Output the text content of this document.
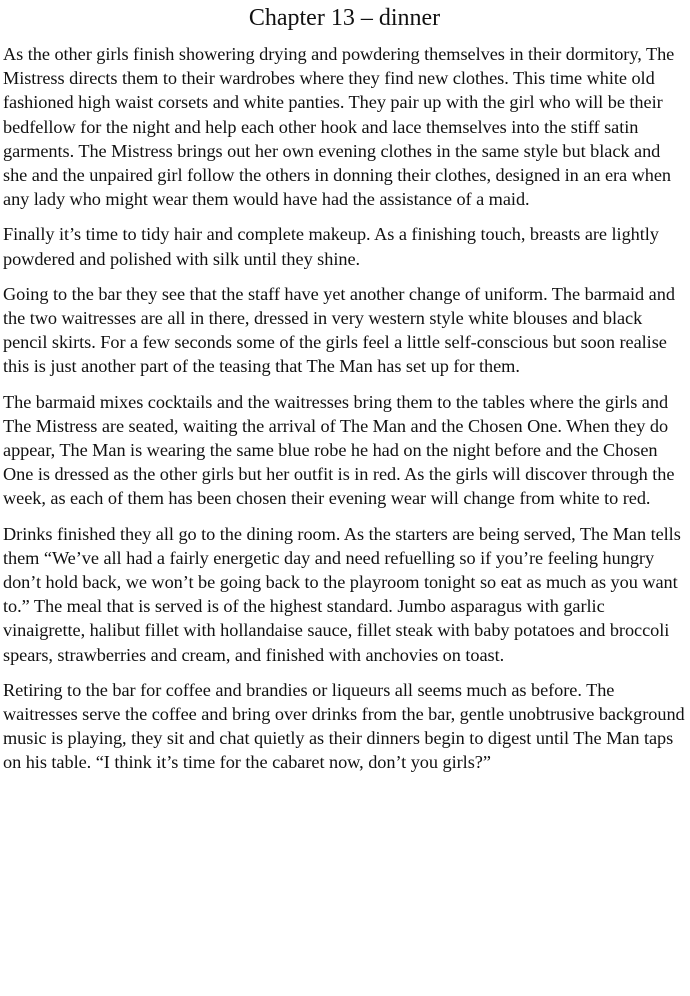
Chapter 13 – dinner

As the other girls finish showering drying and powdering themselves in their dormitory, The Mistress directs them to their wardrobes where they find new clothes. This time white old fashioned high waist corsets and white panties. They pair up with the girl who will be their bedfellow for the night and help each other hook and lace themselves into the stiff satin garments. The Mistress brings out her own evening clothes in the same style but black and she and the unpaired girl follow the others in donning their clothes, designed in an era when any lady who might wear them would have had the assistance of a maid.

Finally it’s time to tidy hair and complete makeup. As a finishing touch, breasts are lightly powdered and polished with silk until they shine.

Going to the bar they see that the staff have yet another change of uniform. The barmaid and the two waitresses are all in there, dressed in very western style white blouses and black pencil skirts. For a few seconds some of the girls feel a little self-conscious but soon realise this is just another part of the teasing that The Man has set up for them.

The barmaid mixes cocktails and the waitresses bring them to the tables where the girls and The Mistress are seated, waiting the arrival of The Man and the Chosen One. When they do appear, The Man is wearing the same blue robe he had on the night before and the Chosen One is dressed as the other girls but her outfit is in red. As the girls will discover through the week, as each of them has been chosen their evening wear will change from white to red.

Drinks finished they all go to the dining room. As the starters are being served, The Man tells them “We’ve all had a fairly energetic day and need refuelling so if you’re feeling hungry don’t hold back, we won’t be going back to the playroom tonight so eat as much as you want to.” The meal that is served is of the highest standard. Jumbo asparagus with garlic vinaigrette, halibut fillet with hollandaise sauce, fillet steak with baby potatoes and broccoli spears, strawberries and cream, and finished with anchovies on toast.

Retiring to the bar for coffee and brandies or liqueurs all seems much as before. The waitresses serve the coffee and bring over drinks from the bar, gentle unobtrusive background music is playing, they sit and chat quietly as their dinners begin to digest until The Man taps on his table. “I think it’s time for the cabaret now, don’t you girls?”
